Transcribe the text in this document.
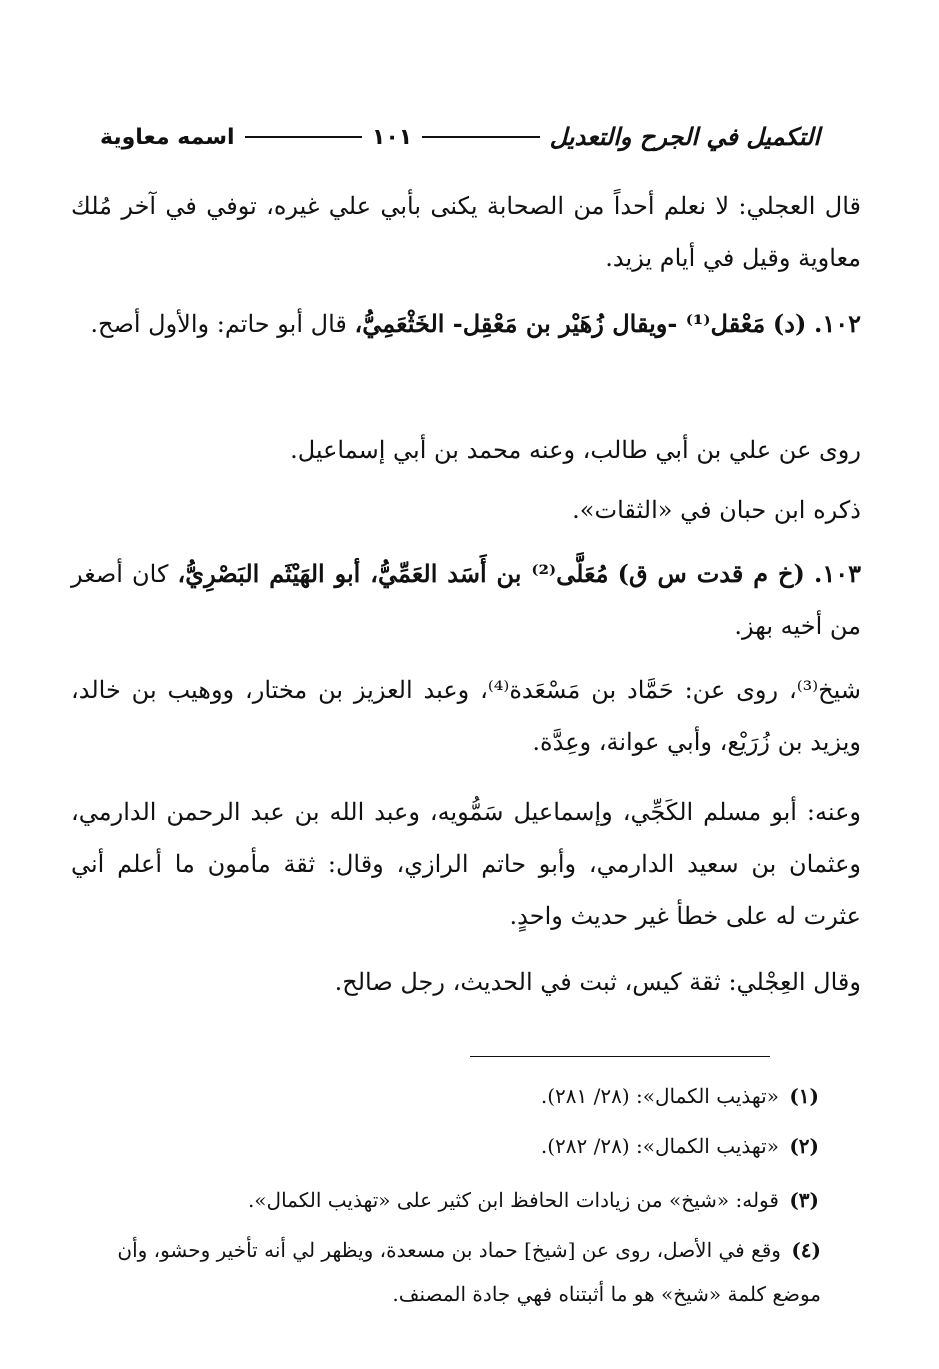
التكميل في الجرح والتعديل
١٠١
اسمه معاوية
قال العجلي: لا نعلم أحداً من الصحابة يكنى بأبي علي غيره، توفي في آخر مُلك معاوية وقيل في أيام يزيد.
١٠٢. (د) مَعْقل⁽¹⁾ -ويقال زُهَيْر بن مَعْقِل- الخَثْعَمِيُّ، قال أبو حاتم: والأول أصح.
روى عن علي بن أبي طالب، وعنه محمد بن أبي إسماعيل.
ذكره ابن حبان في «الثقات».
١٠٣. (خ م قدت س ق) مُعَلَّى⁽²⁾ بن أَسَد العَمِّيُّ، أبو الهَيْثَم البَصْرِيُّ، كان أصغر من أخيه بهز.
شيخ⁽³⁾، روى عن: حَمَّاد بن مَسْعَدة⁽⁴⁾، وعبد العزيز بن مختار، ووهيب بن خالد، ويزيد بن زُرَيْع، وأبي عوانة، وعِدَّة.
وعنه: أبو مسلم الكَجِّي، وإسماعيل سَمُّويه، وعبد الله بن عبد الرحمن الدارمي، وعثمان بن سعيد الدارمي، وأبو حاتم الرازي، وقال: ثقة مأمون ما أعلم أني عثرت له على خطأ غير حديث واحدٍ.
وقال العِجْلي: ثقة كيس، ثبت في الحديث، رجل صالح.
(١) «تهذيب الكمال»: (٢٨/ ٢٨١).
(٢) «تهذيب الكمال»: (٢٨/ ٢٨٢).
(٣) قوله: «شيخ» من زيادات الحافظ ابن كثير على «تهذيب الكمال».
(٤) وقع في الأصل، روى عن [شيخ] حماد بن مسعدة، ويظهر لي أنه تأخير وحشو، وأن موضع كلمة «شيخ» هو ما أثبتناه فهي جادة المصنف.
